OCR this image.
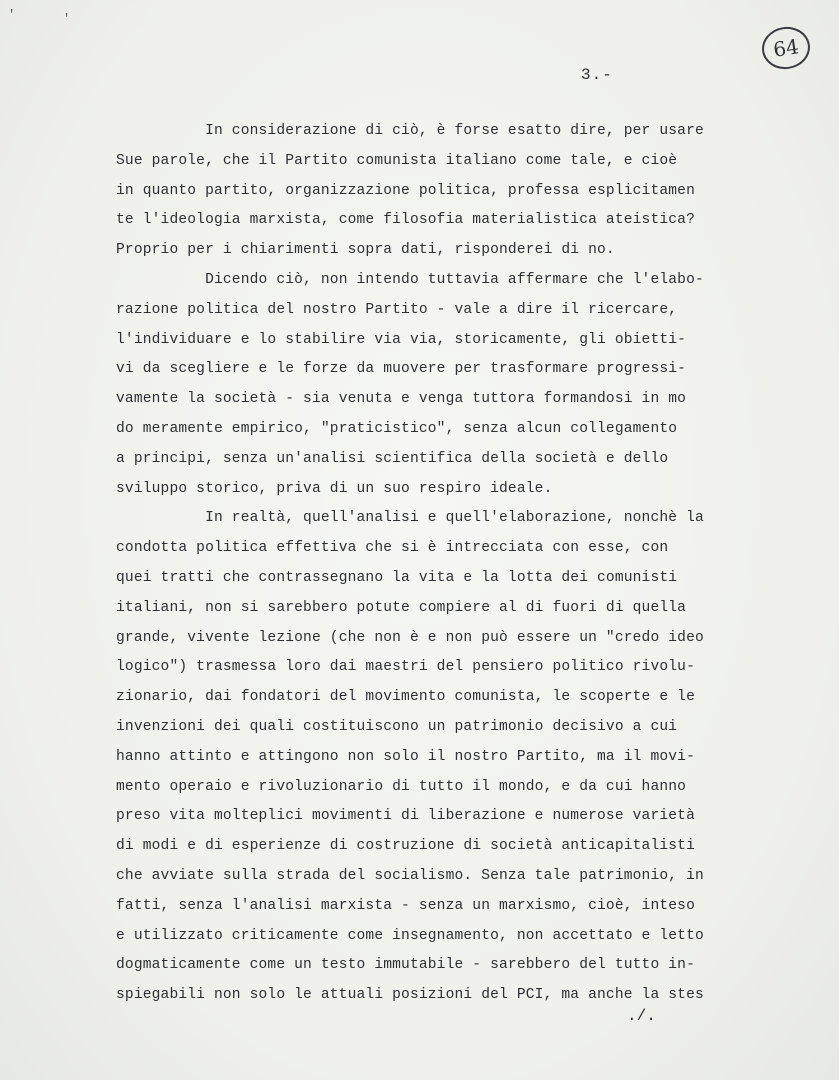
'	'
64
3.-
In considerazione di ciò, è forse esatto dire, per usare
Sue parole, che il Partito comunista italiano come tale, e cioè
in quanto partito, organizzazione politica, professa esplicitamen
te l'ideologia marxista, come filosofia materialistica ateistica?
Proprio per i chiarimenti sopra dati, risponderei di no.
Dicendo ciò, non intendo tuttavia affermare che l'elabo-
razione politica del nostro Partito - vale a dire il ricercare,
l'individuare e lo stabilire via via, storicamente, gli obietti-
vi da scegliere e le forze da muovere per trasformare progressi-
vamente la società - sia venuta e venga tuttora formandosi in mo
do meramente empirico, "praticistico", senza alcun collegamento
a principi, senza un'analisi scientifica della società e dello
sviluppo storico, priva di un suo respiro ideale.
In realtà, quell'analisi e quell'elaborazione, nonchè la
condotta politica effettiva che si è intrecciata con esse, con
quei tratti che contrassegnano la vita e la lotta dei comunisti
italiani, non si sarebbero potute compiere al di fuori di quella
grande, vivente lezione (che non è e non può essere un "credo ideo
logico") trasmessa loro dai maestri del pensiero politico rivolu-
zionario, dai fondatori del movimento comunista, le scoperte e le
invenzioni dei quali costituiscono un patrimonio decisivo a cui
hanno attinto e attingono non solo il nostro Partito, ma il movi-
mento operaio e rivoluzionario di tutto il mondo, e da cui hanno
preso vita molteplici movimenti di liberazione e numerose varietà
di modi e di esperienze di costruzione di società anticapitalisti
che avviate sulla strada del socialismo. Senza tale patrimonio, in
fatti, senza l'analisi marxista - senza un marxismo, cioè, inteso
e utilizzato criticamente come insegnamento, non accettato e letto
dogmaticamente come un testo immutabile - sarebbero del tutto in-
spiegabili non solo le attuali posizioni del PCI, ma anche la stes
./.
